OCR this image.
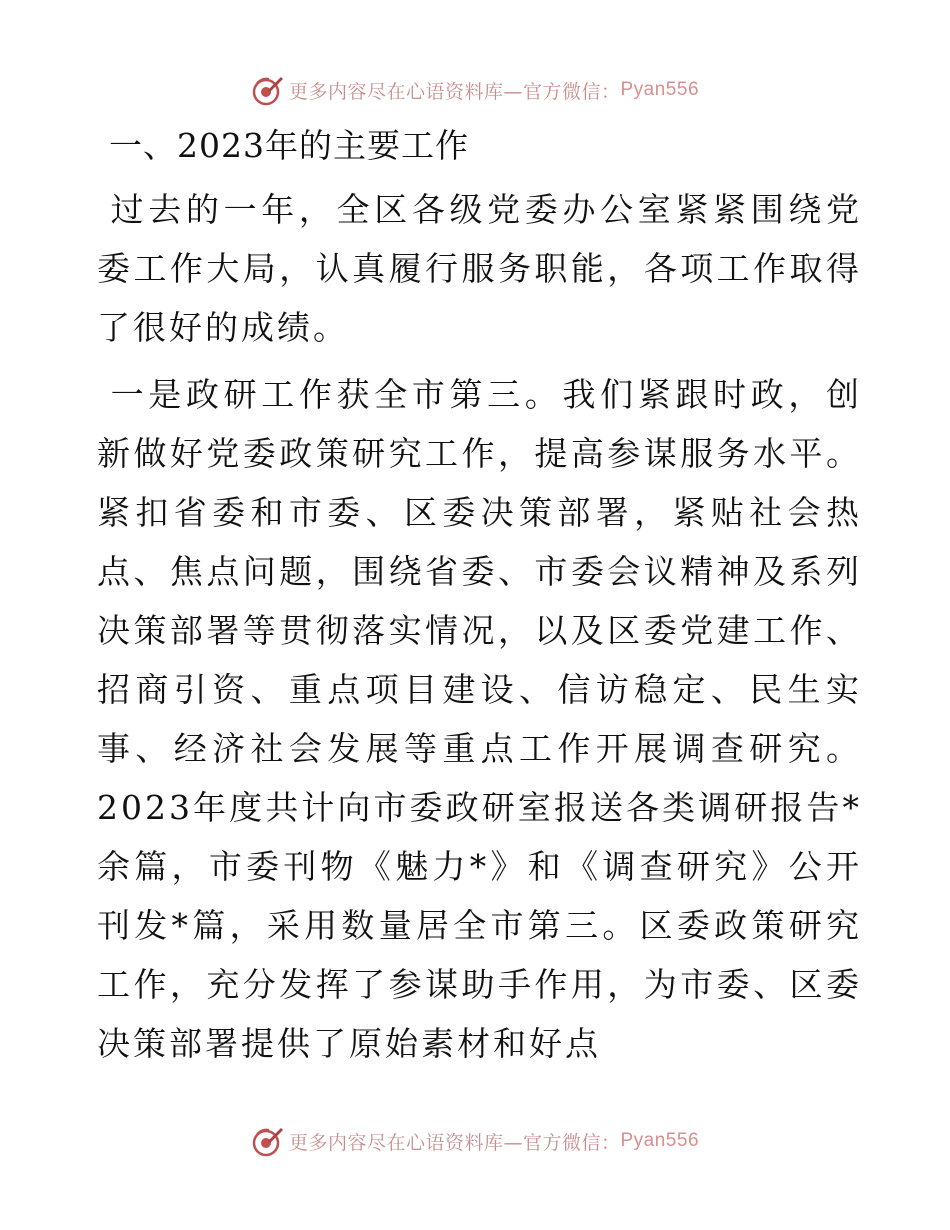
更多内容尽在心语资料库—官方微信： Pyan556
一、2023年的主要工作

过去的一年，全区各级党委办公室紧紧围绕党委工作大局，认真履行服务职能，各项工作取得了很好的成绩。

一是政研工作获全市第三。我们紧跟时政，创新做好党委政策研究工作，提高参谋服务水平。紧扣省委和市委、区委决策部署，紧贴社会热点、焦点问题，围绕省委、市委会议精神及系列决策部署等贯彻落实情况，以及区委党建工作、招商引资、重点项目建设、信访稳定、民生实事、经济社会发展等重点工作开展调查研究。2023年度共计向市委政研室报送各类调研报告*余篇，市委刊物《魅力*》和《调查研究》公开刊发*篇，采用数量居全市第三。区委政策研究工作，充分发挥了参谋助手作用，为市委、区委决策部署提供了原始素材和好点

更多内容尽在心语资料库—官方微信： Pyan556
